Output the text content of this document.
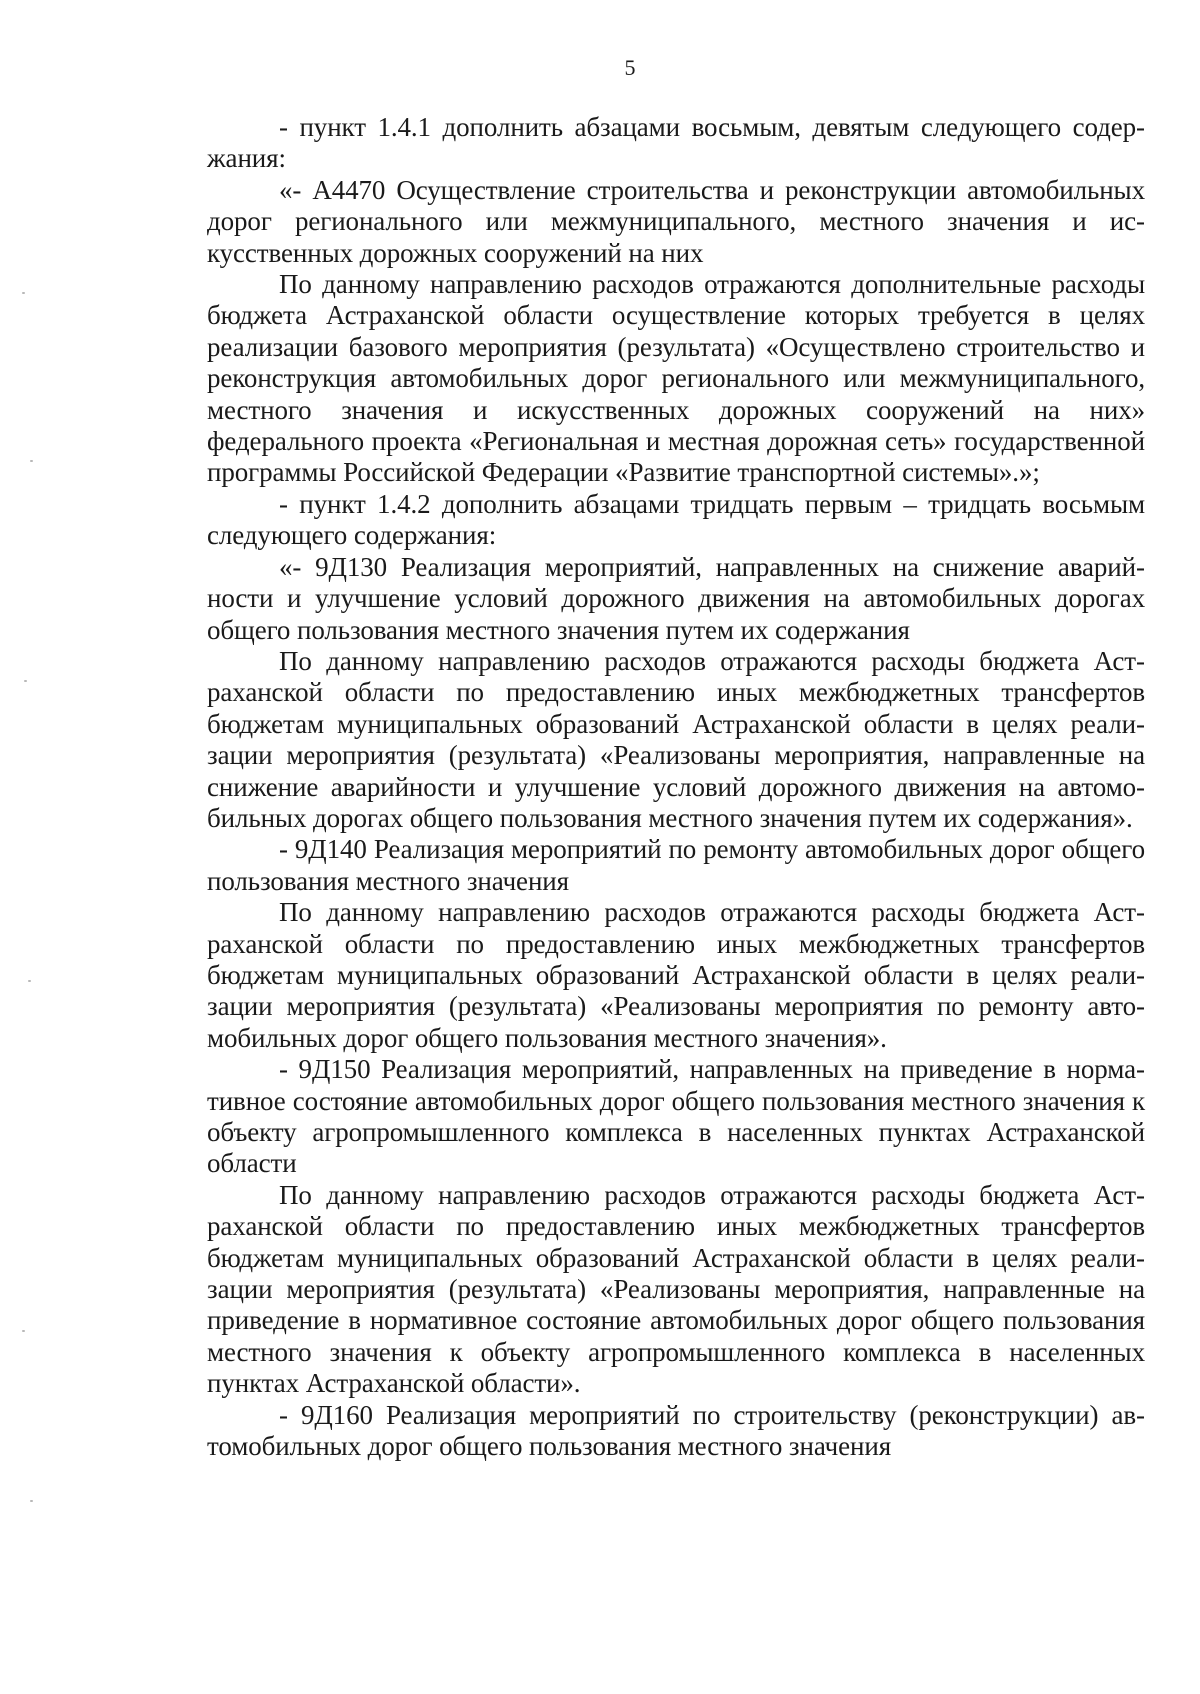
5

- пункт 1.4.1 дополнить абзацами восьмым, девятым следующего содержания:

«- А4470 Осуществление строительства и реконструкции автомобильных дорог регионального или межмуниципального, местного значения и искусственных дорожных сооружений на них

По данному направлению расходов отражаются дополнительные расходы бюджета Астраханской области осуществление которых требуется в целях реализации базового мероприятия (результата) «Осуществлено строительство и реконструкция автомобильных дорог регионального или межмуниципального, местного значения и искусственных дорожных сооружений на них» федерального проекта «Региональная и местная дорожная сеть» государственной программы Российской Федерации «Развитие транспортной системы».»;

- пункт 1.4.2 дополнить абзацами тридцать первым – тридцать восьмым следующего содержания:

«- 9Д130 Реализация мероприятий, направленных на снижение аварийности и улучшение условий дорожного движения на автомобильных дорогах общего пользования местного значения путем их содержания

По данному направлению расходов отражаются расходы бюджета Астраханской области по предоставлению иных межбюджетных трансфертов бюджетам муниципальных образований Астраханской области в целях реализации мероприятия (результата) «Реализованы мероприятия, направленные на снижение аварийности и улучшение условий дорожного движения на автомобильных дорогах общего пользования местного значения путем их содержания».

- 9Д140 Реализация мероприятий по ремонту автомобильных дорог общего пользования местного значения

По данному направлению расходов отражаются расходы бюджета Астраханской области по предоставлению иных межбюджетных трансфертов бюджетам муниципальных образований Астраханской области в целях реализации мероприятия (результата) «Реализованы мероприятия по ремонту автомобильных дорог общего пользования местного значения».

- 9Д150 Реализация мероприятий, направленных на приведение в нормативное состояние автомобильных дорог общего пользования местного значения к объекту агропромышленного комплекса в населенных пунктах Астраханской области

По данному направлению расходов отражаются расходы бюджета Астраханской области по предоставлению иных межбюджетных трансфертов бюджетам муниципальных образований Астраханской области в целях реализации мероприятия (результата) «Реализованы мероприятия, направленные на приведение в нормативное состояние автомобильных дорог общего пользования местного значения к объекту агропромышленного комплекса в населенных пунктах Астраханской области».

- 9Д160 Реализация мероприятий по строительству (реконструкции) автомобильных дорог общего пользования местного значения
